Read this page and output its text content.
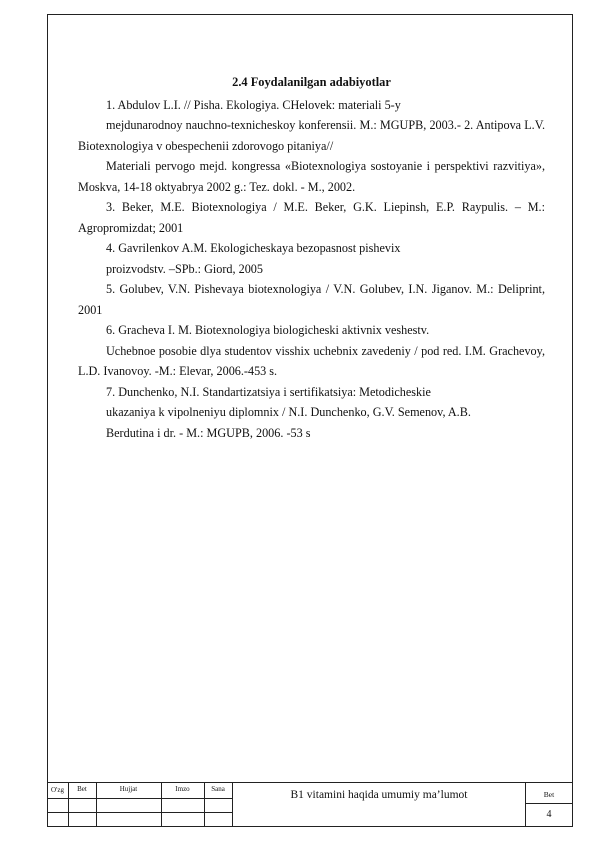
2.4 Foydalanilgan adabiyotlar

1. Abdulov L.I. // Pisha. Ekologiya. CHelovek: materiali 5-y

mejdunarodnoy nauchno-texnicheskoy konferensii. M.: MGUPB, 2003.- 2. Antipova L.V. Biotexnologiya v obespechenii zdorovogo pitaniya//

Materiali pervogo mejd. kongressa «Biotexnologiya sostoyanie i perspektivi razvitiya», Moskva, 14-18 oktyabrya 2002 g.: Tez. dokl. - M., 2002.

3. Beker, M.E. Biotexnologiya / M.E. Beker, G.K. Liepinsh, E.P. Raypulis. – M.: Agropromizdat; 2001

4. Gavrilenkov A.M. Ekologicheskaya bezopasnost pishevix

proizvodstv. –SPb.: Giord, 2005

5. Golubev, V.N. Pishevaya biotexnologiya / V.N. Golubev, I.N. Jiganov. M.: Deliprint, 2001

6. Gracheva I. M. Biotexnologiya biologicheski aktivnix veshestv.

Uchebnoe posobie dlya studentov visshix uchebnix zavedeniy / pod red. I.M. Grachevoy, L.D. Ivanovoy. -M.: Elevar, 2006.-453 s.

7. Dunchenko, N.I. Standartizatsiya i sertifikatsiya: Metodicheskie

ukazaniya k vipolneniyu diplomnix / N.I. Dunchenko, G.V. Semenov, A.B.

Berdutina i dr. - M.: MGUPB, 2006. -53 s

O'zg	Bet	Hujjat	Imzo	Sana	B1 vitamini haqida umumiy ma’lumot	Bet
4
